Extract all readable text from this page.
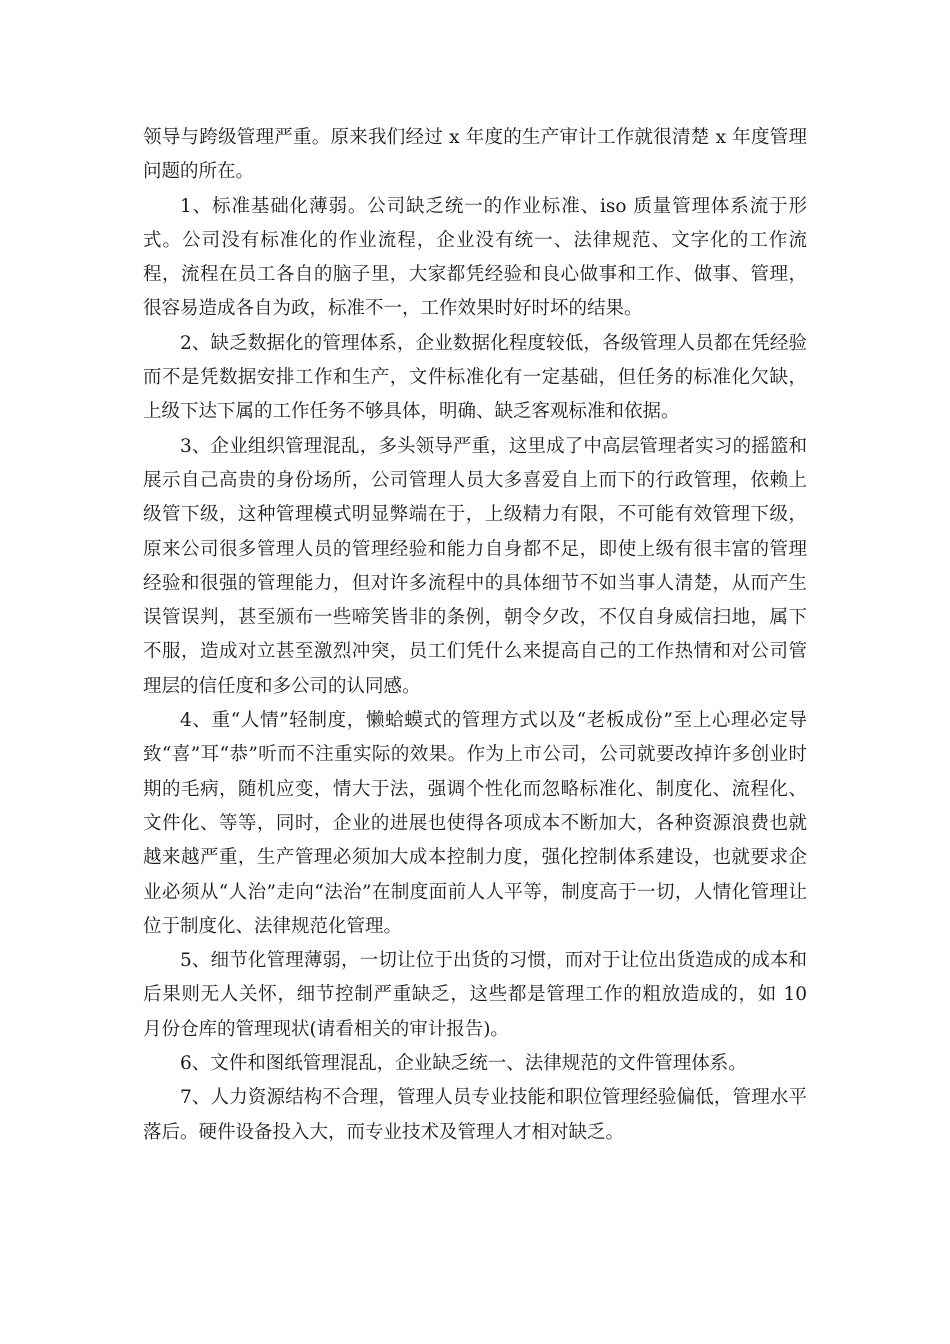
领导与跨级管理严重。原来我们经过 x 年度的生产审计工作就很清楚 x 年度管理问题的所在。

1、标准基础化薄弱。公司缺乏统一的作业标准、iso 质量管理体系流于形式。公司没有标准化的作业流程，企业没有统一、法律规范、文字化的工作流程，流程在员工各自的脑子里，大家都凭经验和良心做事和工作、做事、管理，很容易造成各自为政，标准不一，工作效果时好时坏的结果。

2、缺乏数据化的管理体系，企业数据化程度较低，各级管理人员都在凭经验而不是凭数据安排工作和生产，文件标准化有一定基础，但任务的标准化欠缺，上级下达下属的工作任务不够具体，明确、缺乏客观标准和依据。

3、企业组织管理混乱，多头领导严重，这里成了中高层管理者实习的摇篮和展示自己高贵的身份场所，公司管理人员大多喜爱自上而下的行政管理，依赖上级管下级，这种管理模式明显弊端在于，上级精力有限，不可能有效管理下级，原来公司很多管理人员的管理经验和能力自身都不足，即使上级有很丰富的管理经验和很强的管理能力，但对许多流程中的具体细节不如当事人清楚，从而产生误管误判，甚至颁布一些啼笑皆非的条例，朝令夕改，不仅自身威信扫地，属下不服，造成对立甚至激烈冲突，员工们凭什么来提高自己的工作热情和对公司管理层的信任度和多公司的认同感。

4、重“人情”轻制度，懒蛤蟆式的管理方式以及“老板成份”至上心理必定导致“喜”耳“恭”听而不注重实际的效果。作为上市公司，公司就要改掉许多创业时期的毛病，随机应变，情大于法，强调个性化而忽略标准化、制度化、流程化、文件化、等等，同时，企业的进展也使得各项成本不断加大，各种资源浪费也就越来越严重，生产管理必须加大成本控制力度，强化控制体系建设，也就要求企业必须从“人治”走向“法治”在制度面前人人平等，制度高于一切，人情化管理让位于制度化、法律规范化管理。

5、细节化管理薄弱，一切让位于出货的习惯，而对于让位出货造成的成本和后果则无人关怀，细节控制严重缺乏，这些都是管理工作的粗放造成的，如 10 月份仓库的管理现状(请看相关的审计报告)。

6、文件和图纸管理混乱，企业缺乏统一、法律规范的文件管理体系。

7、人力资源结构不合理，管理人员专业技能和职位管理经验偏低，管理水平落后。硬件设备投入大，而专业技术及管理人才相对缺乏。
